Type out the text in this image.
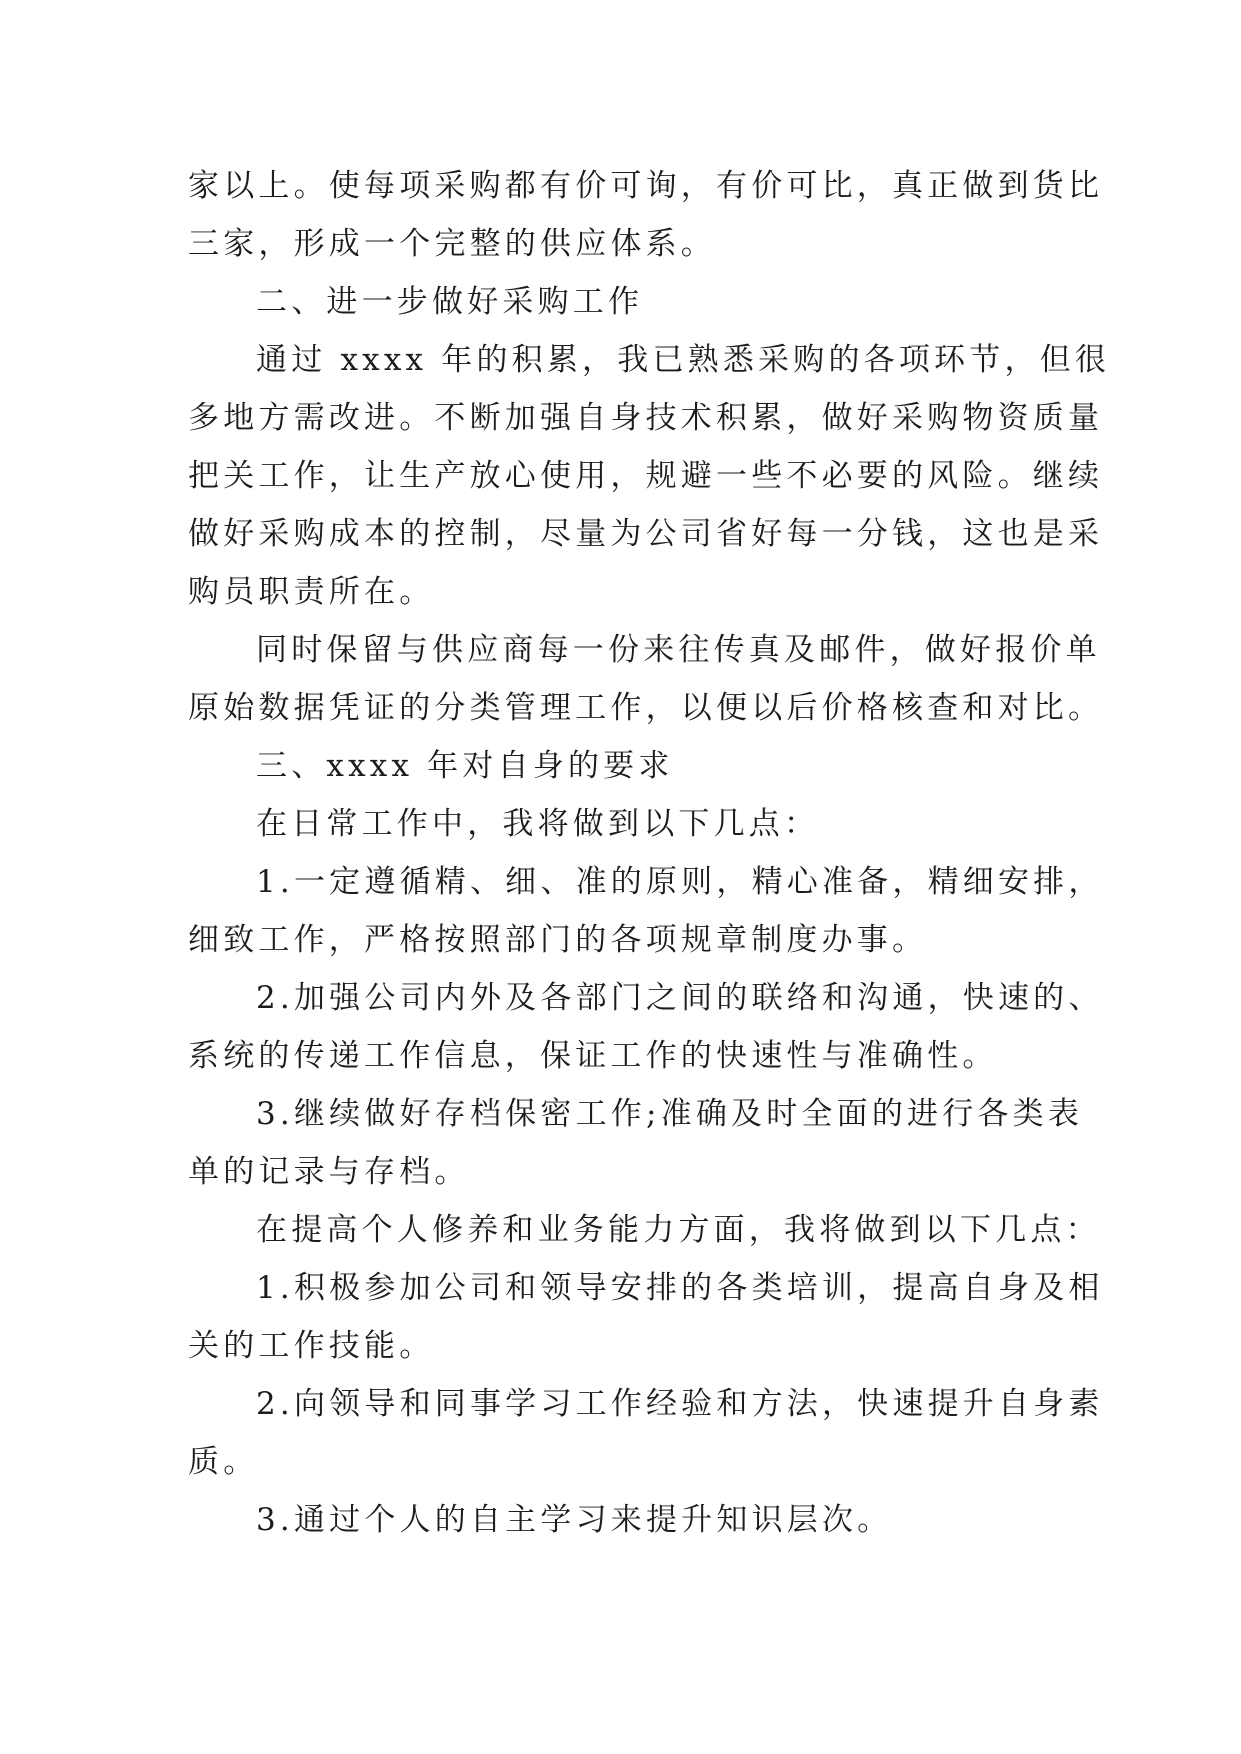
家以上。使每项采购都有价可询，有价可比，真正做到货比
三家，形成一个完整的供应体系。
二、进一步做好采购工作
通过 xxxx 年的积累，我已熟悉采购的各项环节，但很
多地方需改进。不断加强自身技术积累，做好采购物资质量
把关工作，让生产放心使用，规避一些不必要的风险。继续
做好采购成本的控制，尽量为公司省好每一分钱，这也是采
购员职责所在。
同时保留与供应商每一份来往传真及邮件，做好报价单
原始数据凭证的分类管理工作，以便以后价格核查和对比。
三、xxxx 年对自身的要求
在日常工作中，我将做到以下几点：
1.一定遵循精、细、准的原则，精心准备，精细安排，
细致工作，严格按照部门的各项规章制度办事。
2.加强公司内外及各部门之间的联络和沟通，快速的、
系统的传递工作信息，保证工作的快速性与准确性。
3.继续做好存档保密工作;准确及时全面的进行各类表
单的记录与存档。
在提高个人修养和业务能力方面，我将做到以下几点：
1.积极参加公司和领导安排的各类培训，提高自身及相
关的工作技能。
2.向领导和同事学习工作经验和方法，快速提升自身素
质。
3.通过个人的自主学习来提升知识层次。
